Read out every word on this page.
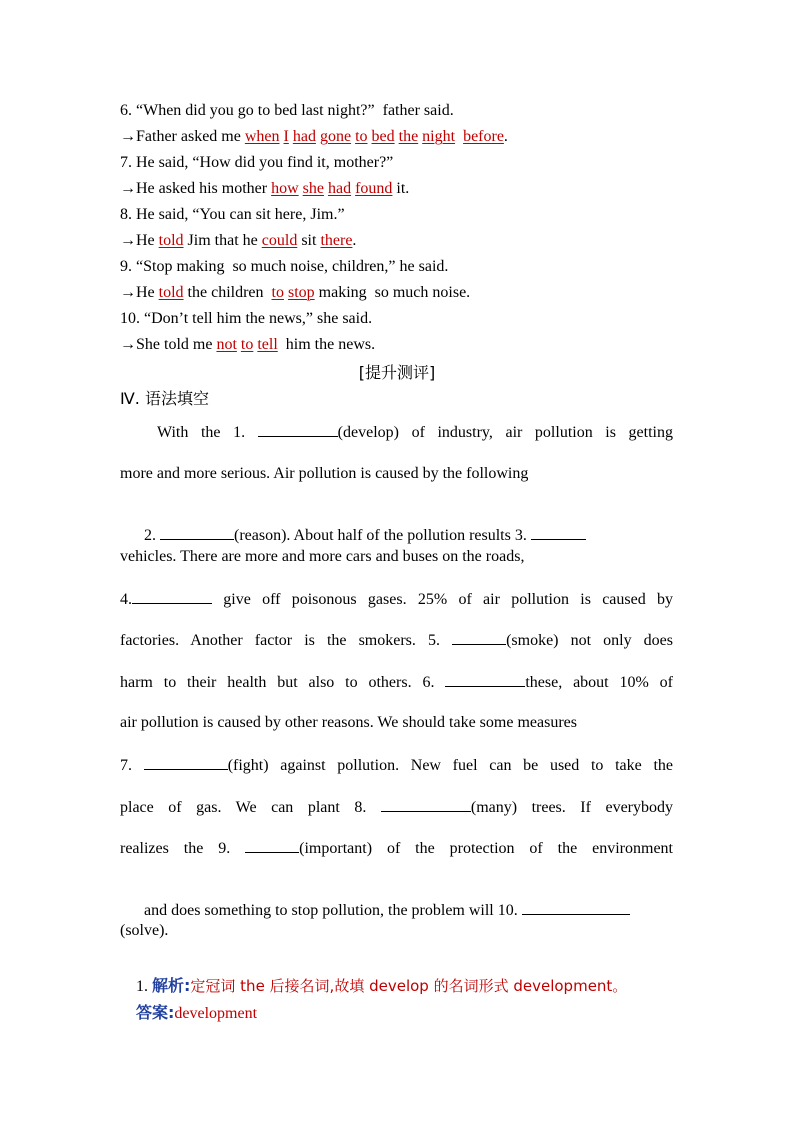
6. “When did you go to bed last night?”  father said.
→Father asked me when I had gone to bed the night before.
7. He said, “How did you find it, mother?”
→He asked his mother how she had found it.
8. He said, “You can sit here, Jim.”
→He told Jim that he could sit there.
9. “Stop making  so much noise, children,” he said.
→He told the children  to stop making  so much noise.
10. “Don’t tell him the news,” she said.
→She told me not to tell  him the news.
[提升测评]
Ⅳ. 语法填空
With the 1.	(develop) of industry, air pollution is getting
more and more serious. Air pollution is caused by the following

2.	(reason). About half of the pollution results 3.

vehicles. There are more and more cars and buses on the roads,
4.	give off poisonous gases. 25% of air pollution is caused by
factories. Another factor is the smokers. 5.	(smoke) not only does
harm to their health but also to others. 6.	these, about 10% of
air pollution is caused by other reasons. We should take some measures
7.	(fight) against pollution. New fuel can be used to take the
place of gas. We can plant 8.	(many) trees. If everybody
realizes the 9.	(important) of the protection of the environment

and does something to stop pollution, the problem will 10.

(solve).

1. 解析:定冠词 the 后接名词,故填 develop 的名词形式 development。

答案:development
